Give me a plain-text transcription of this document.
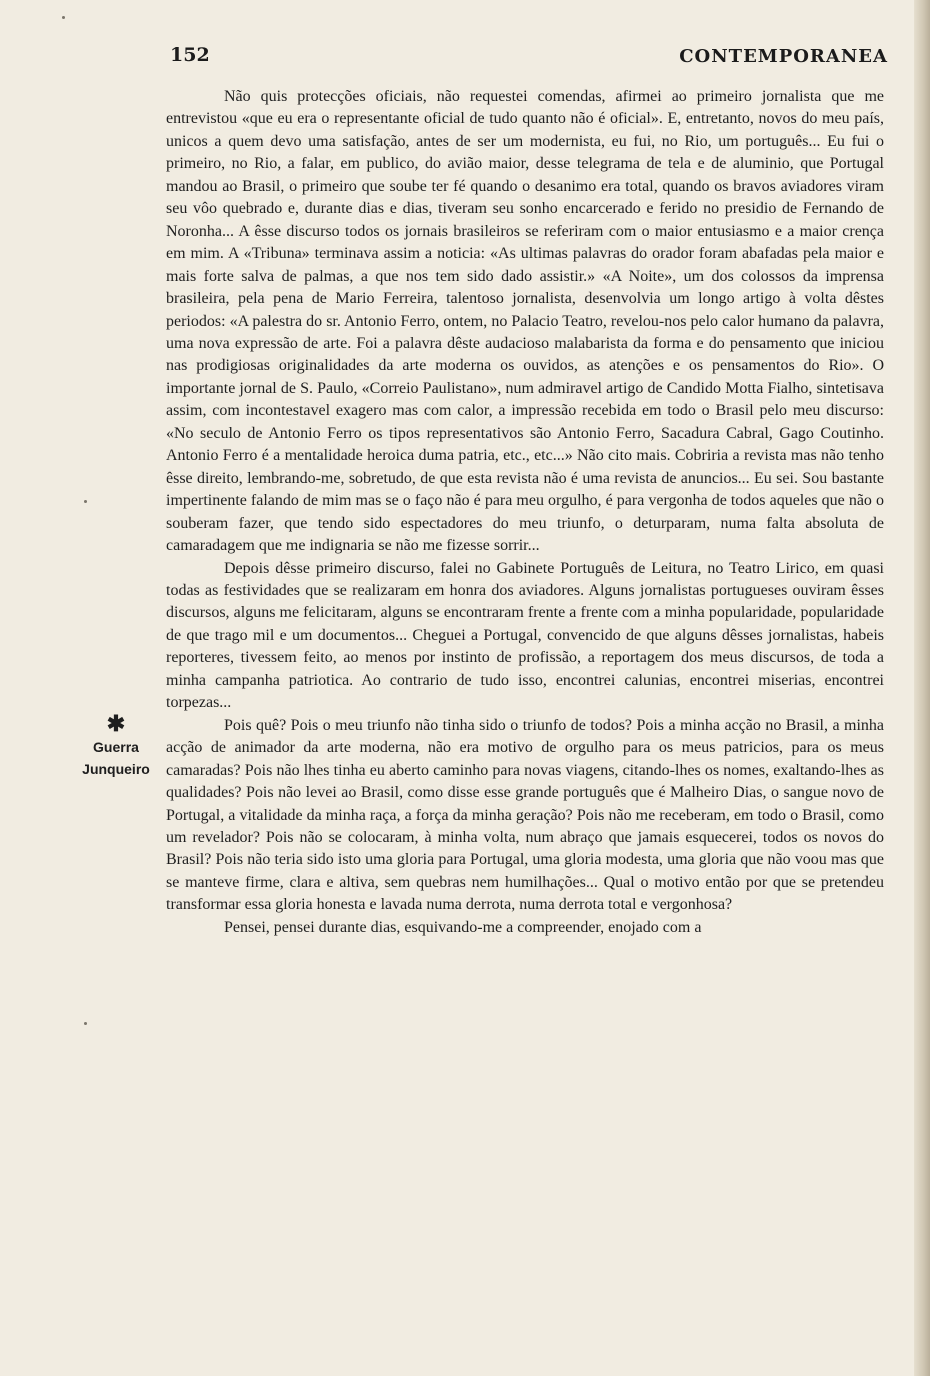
152	CONTEMPORANEA
✱
Guerra
Junqueiro

Não quis protecções oficiais, não requestei comendas, afirmei ao primeiro jornalista que me entrevistou «que eu era o representante oficial de tudo quanto não é oficial». E, entretanto, novos do meu país, unicos a quem devo uma satisfação, antes de ser um modernista, eu fui, no Rio, um português... Eu fui o primeiro, no Rio, a falar, em publico, do avião maior, desse telegrama de tela e de aluminio, que Portugal mandou ao Brasil, o primeiro que soube ter fé quando o desanimo era total, quando os bravos aviadores viram seu vôo quebrado e, durante dias e dias, tiveram seu sonho encarcerado e ferido no presidio de Fernando de Noronha... A êsse discurso todos os jornais brasileiros se referiram com o maior entusiasmo e a maior crença em mim. A «Tribuna» terminava assim a noticia: «As ultimas palavras do orador foram abafadas pela maior e mais forte salva de palmas, a que nos tem sido dado assistir.» «A Noite», um dos colossos da imprensa brasileira, pela pena de Mario Ferreira, talentoso jornalista, desenvolvia um longo artigo à volta dêstes periodos: «A palestra do sr. Antonio Ferro, ontem, no Palacio Teatro, revelou-nos pelo calor humano da palavra, uma nova expressão de arte. Foi a palavra dêste audacioso malabarista da forma e do pensamento que iniciou nas prodigiosas originalidades da arte moderna os ouvidos, as atenções e os pensamentos do Rio». O importante jornal de S. Paulo, «Correio Paulistano», num admiravel artigo de Candido Motta Fialho, sintetisava assim, com incontestavel exagero mas com calor, a impressão recebida em todo o Brasil pelo meu discurso: «No seculo de Antonio Ferro os tipos representativos são Antonio Ferro, Sacadura Cabral, Gago Coutinho. Antonio Ferro é a mentalidade heroica duma patria, etc., etc...» Não cito mais. Cobriria a revista mas não tenho êsse direito, lembrando-me, sobretudo, de que esta revista não é uma revista de anuncios... Eu sei. Sou bastante impertinente falando de mim mas se o faço não é para meu orgulho, é para vergonha de todos aqueles que não o souberam fazer, que tendo sido espectadores do meu triunfo, o deturparam, numa falta absoluta de camaradagem que me indignaria se não me fizesse sorrir...

Depois dêsse primeiro discurso, falei no Gabinete Português de Leitura, no Teatro Lirico, em quasi todas as festividades que se realizaram em honra dos aviadores. Alguns jornalistas portugueses ouviram êsses discursos, alguns me felicitaram, alguns se encontraram frente a frente com a minha popularidade, popularidade de que trago mil e um documentos... Cheguei a Portugal, convencido de que alguns dêsses jornalistas, habeis reporteres, tivessem feito, ao menos por instinto de profissão, a reportagem dos meus discursos, de toda a minha campanha patriotica. Ao contrario de tudo isso, encontrei calunias, encontrei miserias, encontrei torpezas...

Pois quê? Pois o meu triunfo não tinha sido o triunfo de todos? Pois a minha acção no Brasil, a minha acção de animador da arte moderna, não era motivo de orgulho para os meus patricios, para os meus camaradas? Pois não lhes tinha eu aberto caminho para novas viagens, citando-lhes os nomes, exaltando-lhes as qualidades? Pois não levei ao Brasil, como disse esse grande português que é Malheiro Dias, o sangue novo de Portugal, a vitalidade da minha raça, a força da minha geração? Pois não me receberam, em todo o Brasil, como um revelador? Pois não se colocaram, à minha volta, num abraço que jamais esquecerei, todos os novos do Brasil? Pois não teria sido isto uma gloria para Portugal, uma gloria modesta, uma gloria que não voou mas que se manteve firme, clara e altiva, sem quebras nem humilhações... Qual o motivo então por que se pretendeu transformar essa gloria honesta e lavada numa derrota, numa derrota total e vergonhosa?

Pensei, pensei durante dias, esquivando-me a compreender, enojado com a
